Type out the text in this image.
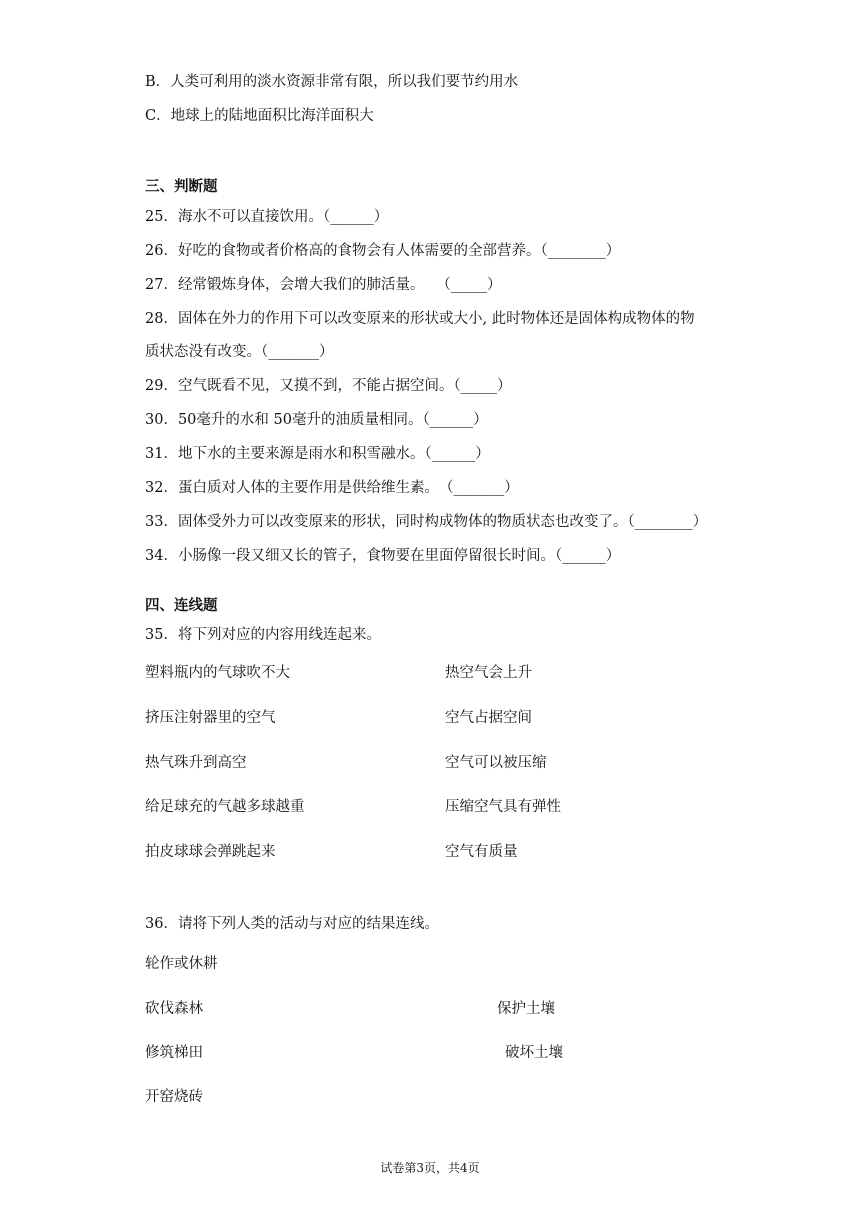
B．人类可利用的淡水资源非常有限，所以我们要节约用水
C．地球上的陆地面积比海洋面积大
三、判断题
25．海水不可以直接饮用。（______）
26．好吃的食物或者价格高的食物会有人体需要的全部营养。（________）
27．经常锻炼身体，会增大我们的肺活量。　 （_____）
28．固体在外力的作用下可以改变原来的形状或大小, 此时物体还是固体构成物体的物
质状态没有改变。（_______）
29．空气既看不见，又摸不到，不能占据空间。（_____）
30．50毫升的水和 50毫升的油质量相同。（______）
31．地下水的主要来源是雨水和积雪融水。（______）
32．蛋白质对人体的主要作用是供给维生素。　（_______）
33．固体受外力可以改变原来的形状，同时构成物体的物质状态也改变了。（________）
34．小肠像一段又细又长的管子，食物要在里面停留很长时间。（______）
四、连线题
35．将下列对应的内容用线连起来。
塑料瓶内的气球吹不大
挤压注射器里的空气
热气珠升到高空
给足球充的气越多球越重
拍皮球球会弹跳起来
热空气会上升
空气占据空间
空气可以被压缩
压缩空气具有弹性
空气有质量
36．请将下列人类的活动与对应的结果连线。
轮作或休耕
砍伐森林
修筑梯田
开窑烧砖
保护土壤
破坏土壤
试卷第3页，共4页
